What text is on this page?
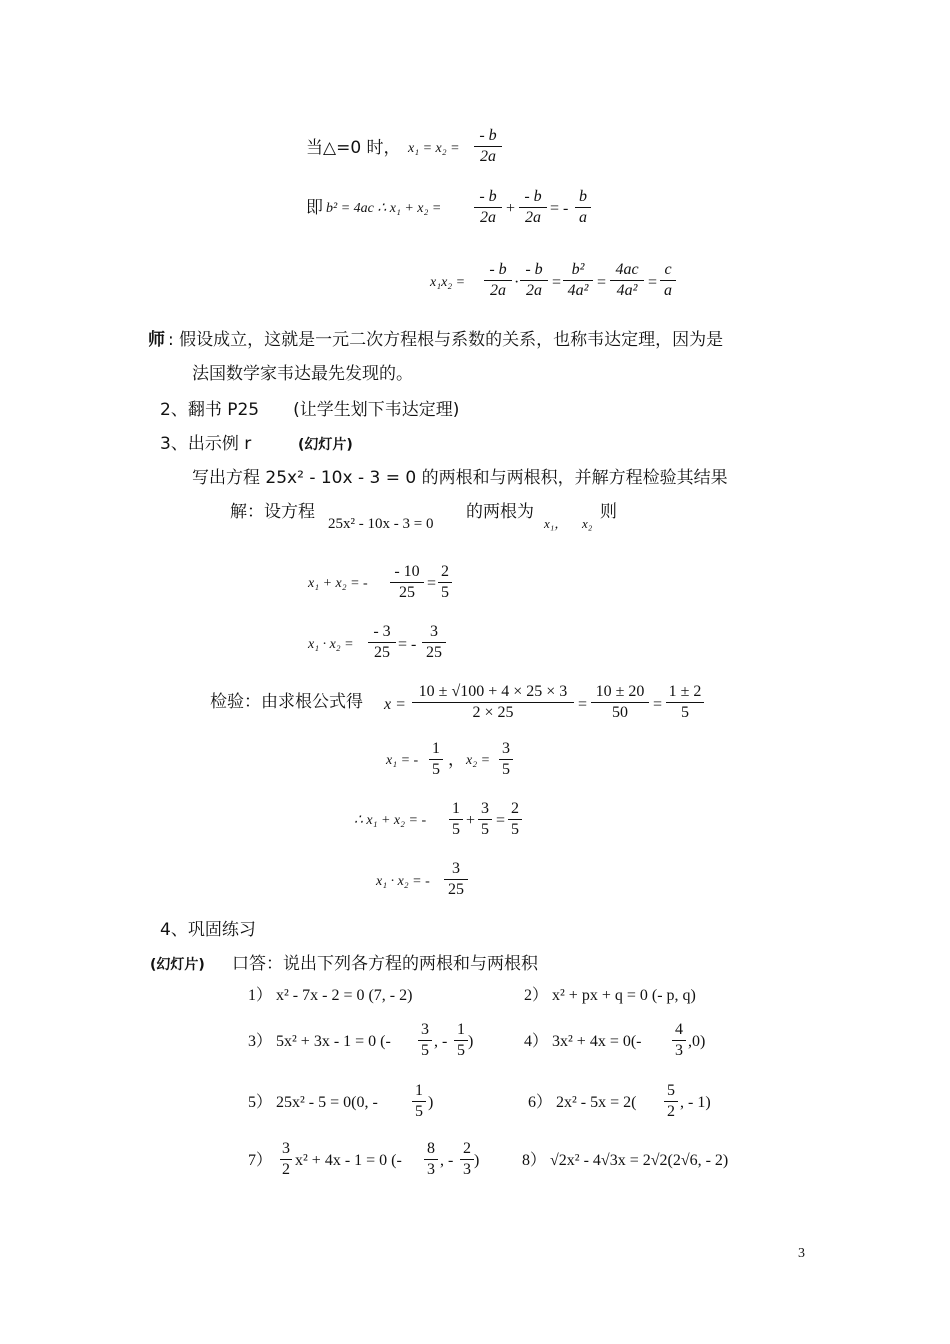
当△=0 时， x₁ = x₂ =
- b
2a
即 b² = 4ac ∴ x₁ + x₂ =
- b
2a
+
- b
2a
= -
b
a
x₁x₂ =
- b
2a ·
- b
2a =
b²
4a² =
4ac
4a² =
c
a
师 : 假设成立，这就是一元二次方程根与系数的关系，也称韦达定理，因为是
法国数学家韦达最先发现的。
2、翻书 P25　　(让学生划下韦达定理)
3、出示例 r	(幻灯片)
写出方程 25x² - 10x - 3 = 0 的两根和与两根积，并解方程检验其结果
解：设方程
25x² - 10x - 3 = 0
的两根为
x₁， x₂
则
x₁ + x₂ = -
- 10
25
=
2
5
x₁ · x₂ =
- 3
25 = -
3
25
检验：由求根公式得 x =
10 ± √100 + 4 × 25 × 3
2 × 25	=
10 ± 20
50	=
1 ± 2
5
x₁ = -
1
5 ， x₂ =
3
5
∴ x₁ + x₂ = -
1
5
+
3
5
=
2
5
x₁ · x₂ = -
3
25
4、巩固练习
(幻灯片) 口答：说出下列各方程的两根和与两根积
1） x² - 7x - 2 = 0 (7, - 2)	2） x² + px + q = 0 (- p, q)
3） 5x² + 3x - 1 = 0 (-
3
5
, -
1
5
)	4） 3x² + 4x = 0(-
4
3
,0)
5） 25x² - 5 = 0(0, -
1
5
)	6） 2x² - 5x = 2(
5
2
, - 1)
7）
3
2
x² + 4x - 1 = 0 (-
8
3
, -
2
3
)	8） √2x² - 4√3x = 2√2(2√6, - 2)
3
